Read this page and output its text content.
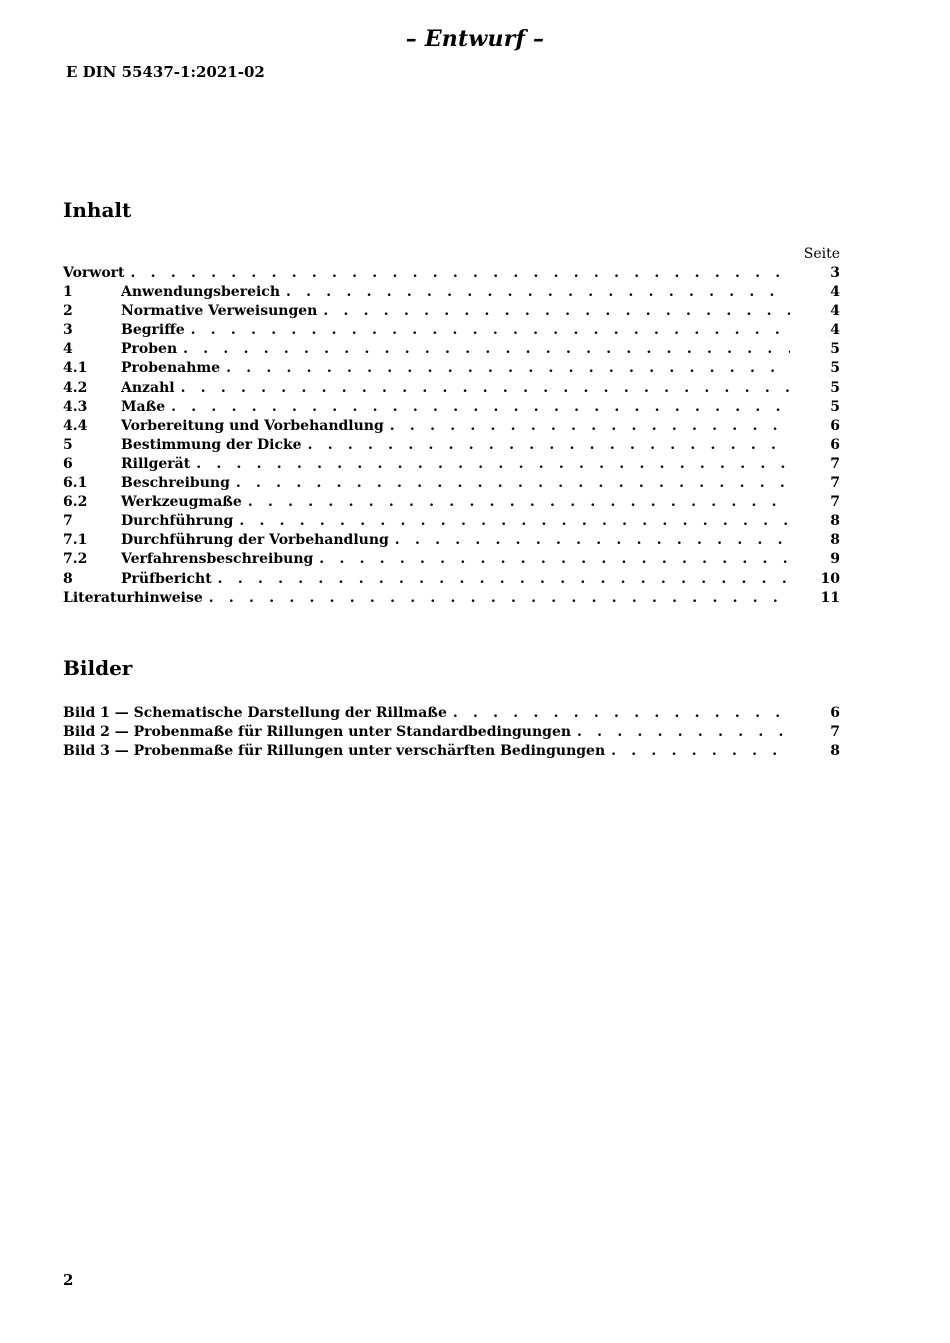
– Entwurf –
E DIN 55437-1:2021-02
Inhalt
Seite
Vorwort . . .	3
1	Anwendungsbereich . . .	4
2	Normative Verweisungen . . .	4
3	Begriffe . . .	4
4	Proben . . .	5
4.1	Probenahme . . .	5
4.2	Anzahl . . .	5
4.3	Maße . . .	5
4.4	Vorbereitung und Vorbehandlung . . .	6
5	Bestimmung der Dicke . . .	6
6	Rillgerät . . .	7
6.1	Beschreibung . . .	7
6.2	Werkzeugmaße . . .	7
7	Durchführung . . .	8
7.1	Durchführung der Vorbehandlung . . .	8
7.2	Verfahrensbeschreibung . . .	9
8	Prüfbericht . . .	10
Literaturhinweise . . .	11
Bilder
Bild 1 — Schematische Darstellung der Rillmaße . . .	6
Bild 2 — Probenmaße für Rillungen unter Standardbedingungen . . .	7
Bild 3 — Probenmaße für Rillungen unter verschärften Bedingungen . . .	8
2
